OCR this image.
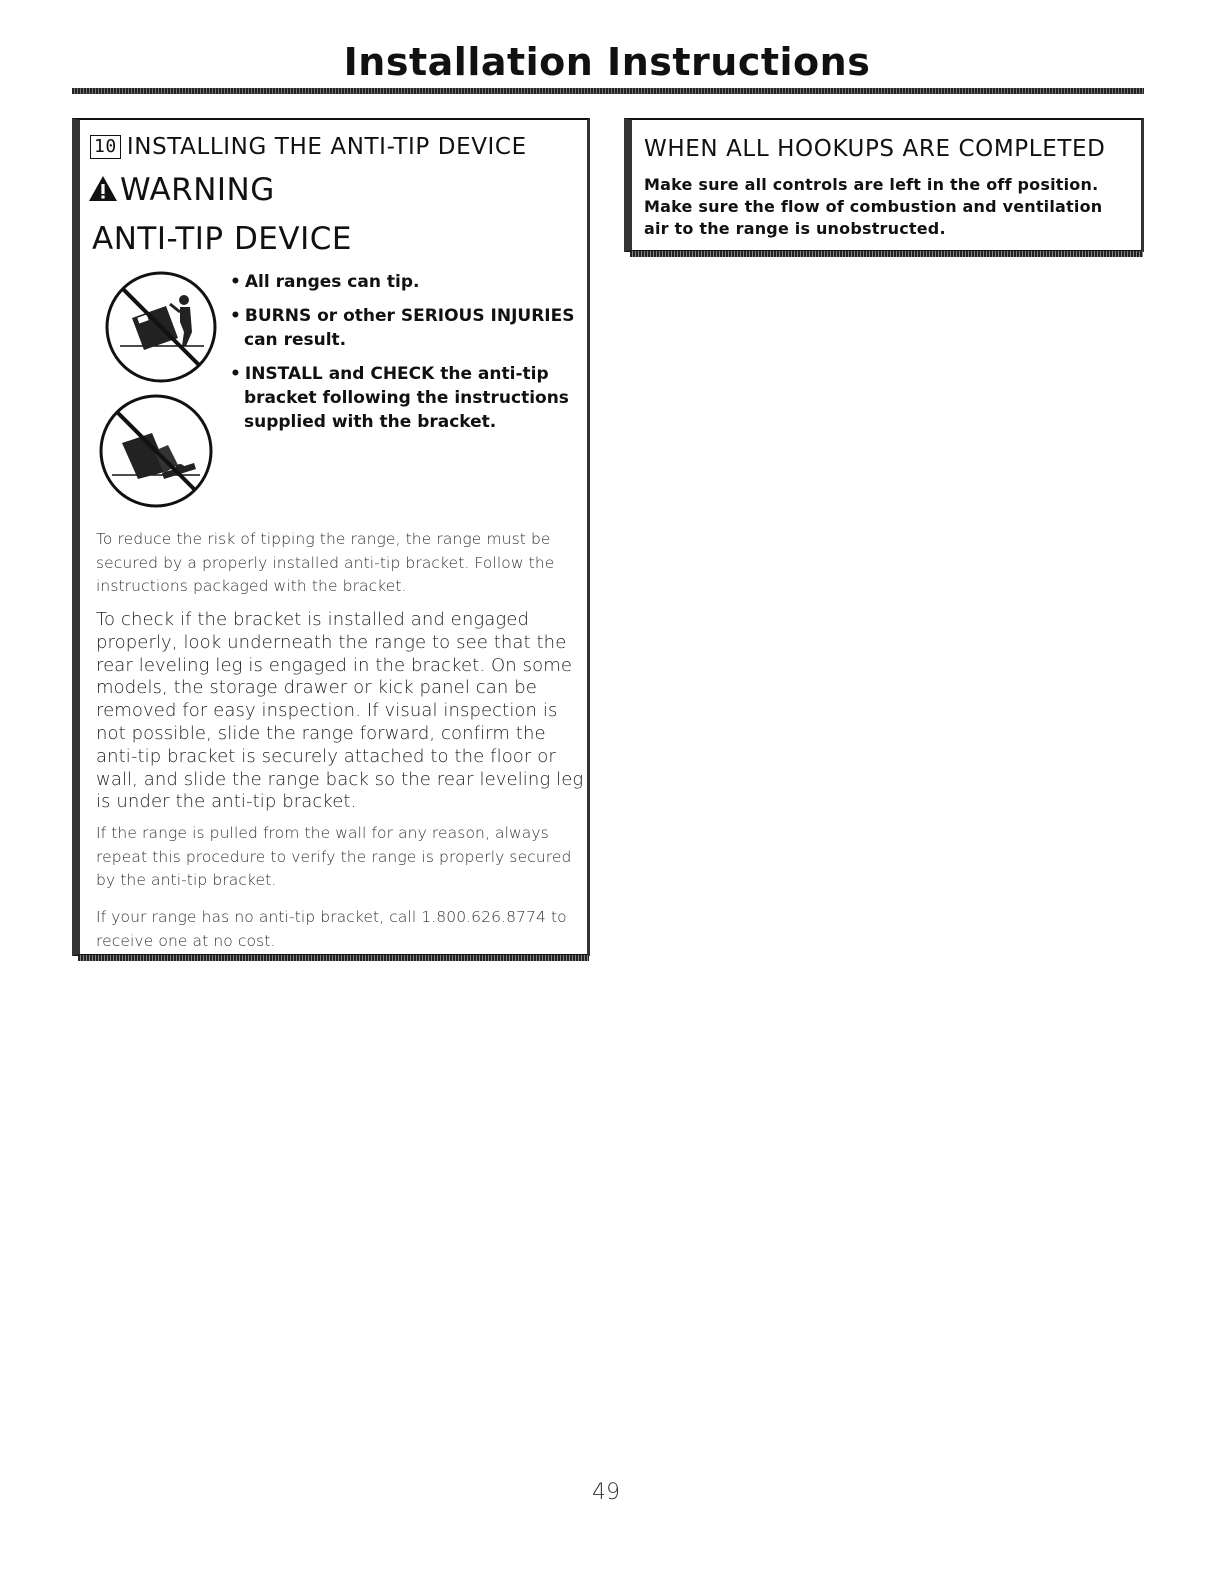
Installation Instructions
10 INSTALLING THE ANTI-TIP DEVICE
WARNING
ANTI-TIP DEVICE
• All ranges can tip.
• BURNS or other SERIOUS INJURIES can result.
• INSTALL and CHECK the anti-tip bracket following the instructions supplied with the bracket.

To reduce the risk of tipping the range, the range must be secured by a properly installed anti-tip bracket. Follow the instructions packaged with the bracket.

To check if the bracket is installed and engaged properly, look underneath the range to see that the rear leveling leg is engaged in the bracket. On some models, the storage drawer or kick panel can be removed for easy inspection. If visual inspection is not possible, slide the range forward, confirm the anti-tip bracket is securely attached to the floor or wall, and slide the range back so the rear leveling leg is under the anti-tip bracket.

If the range is pulled from the wall for any reason, always repeat this procedure to verify the range is properly secured by the anti-tip bracket.

If your range has no anti-tip bracket, call 1.800.626.8774 to receive one at no cost.

WHEN ALL HOOKUPS ARE COMPLETED

Make sure all controls are left in the off position. Make sure the flow of combustion and ventilation air to the range is unobstructed.

49
